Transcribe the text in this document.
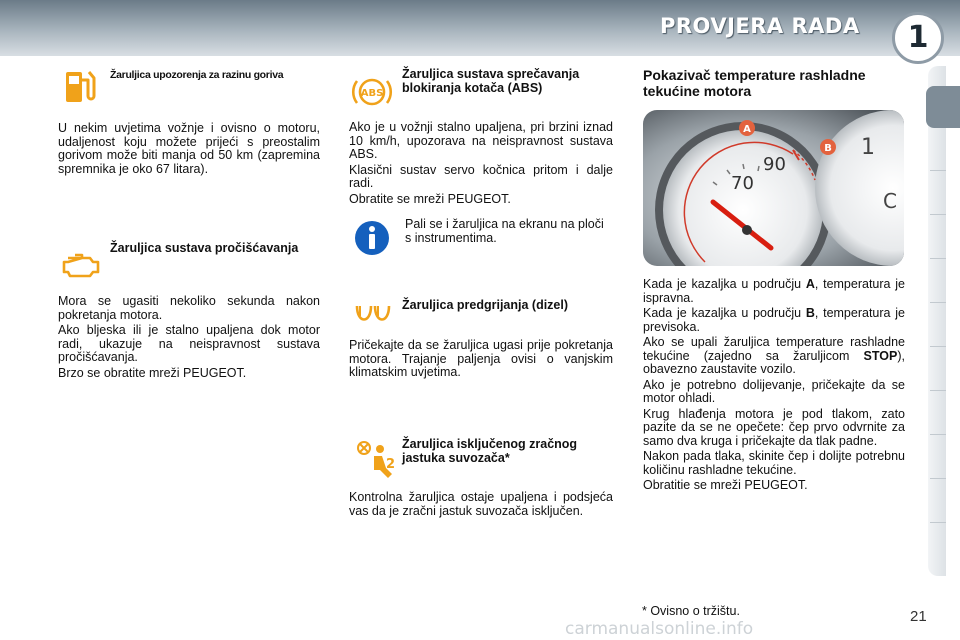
PROVJERA RADA	1
Žaruljica upozorenja za razinu goriva

U nekim uvjetima vožnje i ovisno o motoru, udaljenost koju možete prijeći s preostalim gorivom može biti manja od 50 km (zapremina spremnika je oko 67 litara).

Žaruljica sustava pročišćavanja

Mora se ugasiti nekoliko sekunda nakon pokretanja motora.

Ako bljeska ili je stalno upaljena dok motor radi, ukazuje na neispravnost sustava pročišćavanja.

Brzo se obratite mreži PEUGEOT.

ABS
Žaruljica sustava sprečavanja blokiranja kotača (ABS)

Ako je u vožnji stalno upaljena, pri brzini iznad 10 km/h, upozorava na neispravnost sustava ABS.

Klasični sustav servo kočnica pritom i dalje radi.

Obratite se mreži PEUGEOT.

Pali se i žaruljica na ekranu na ploči s instrumentima.

Žaruljica predgrijanja (dizel)

Pričekajte da se žaruljica ugasi prije pokretanja motora. Trajanje paljenja ovisi o vanjskim klimatskim uvjetima.

2
Žaruljica isključenog zračnog jastuka suvozača*

Kontrolna žaruljica ostaje upaljena i podsjeća vas da je zračni jastuk suvozača isključen.

Pokazivač temperature rashladne tekućine motora
A
B
70
90
1
C

Kada je kazaljka u području A, temperatura je ispravna.

Kada je kazaljka u području B, temperatura je previsoka.

Ako se upali žaruljica temperature rashladne tekućine (zajedno sa žaruljicom STOP), obavezno zaustavite vozilo.

Ako je potrebno dolijevanje, pričekajte da se motor ohladi.

Krug hlađenja motora je pod tlakom, zato pazite da se ne opečete: čep prvo odvrnite za samo dva kruga i pričekajte da tlak padne.

Nakon pada tlaka, skinite čep i dolijte potrebnu količinu rashladne tekućine.

Obratitie se mreži PEUGEOT.

* Ovisno o tržištu.
carmanualsonline.info
21
